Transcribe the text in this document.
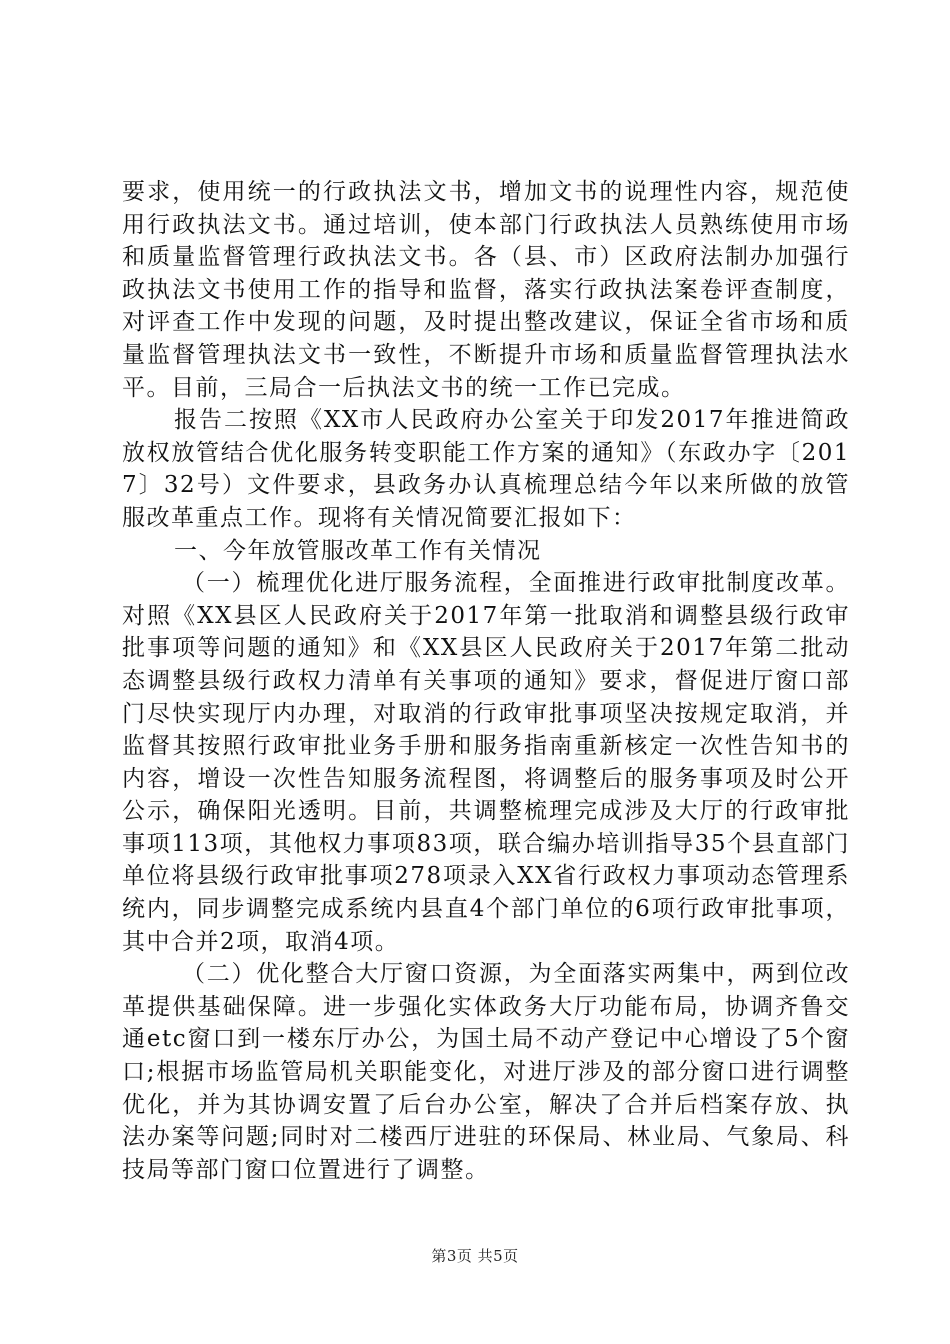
要求，使用统一的行政执法文书，增加文书的说理性内容，规范使用行政执法文书。通过培训，使本部门行政执法人员熟练使用市场和质量监督管理行政执法文书。各（县、市）区政府法制办加强行政执法文书使用工作的指导和监督，落实行政执法案卷评查制度，对评查工作中发现的问题，及时提出整改建议，保证全省市场和质量监督管理执法文书一致性，不断提升市场和质量监督管理执法水平。目前，三局合一后执法文书的统一工作已完成。

报告二按照《XX市人民政府办公室关于印发2017年推进简政放权放管结合优化服务转变职能工作方案的通知》（东政办字〔2017〕32号）文件要求，县政务办认真梳理总结今年以来所做的放管服改革重点工作。现将有关情况简要汇报如下：

一、今年放管服改革工作有关情况

（一）梳理优化进厅服务流程，全面推进行政审批制度改革。对照《XX县区人民政府关于2017年第一批取消和调整县级行政审批事项等问题的通知》和《XX县区人民政府关于2017年第二批动态调整县级行政权力清单有关事项的通知》要求，督促进厅窗口部门尽快实现厅内办理，对取消的行政审批事项坚决按规定取消，并监督其按照行政审批业务手册和服务指南重新核定一次性告知书的内容，增设一次性告知服务流程图，将调整后的服务事项及时公开公示，确保阳光透明。目前，共调整梳理完成涉及大厅的行政审批事项113项，其他权力事项83项，联合编办培训指导35个县直部门单位将县级行政审批事项278项录入XX省行政权力事项动态管理系统内，同步调整完成系统内县直4个部门单位的6项行政审批事项，其中合并2项，取消4项。

（二）优化整合大厅窗口资源，为全面落实两集中，两到位改革提供基础保障。进一步强化实体政务大厅功能布局，协调齐鲁交通etc窗口到一楼东厅办公，为国土局不动产登记中心增设了5个窗口;根据市场监管局机关职能变化，对进厅涉及的部分窗口进行调整优化，并为其协调安置了后台办公室，解决了合并后档案存放、执法办案等问题;同时对二楼西厅进驻的环保局、林业局、气象局、科技局等部门窗口位置进行了调整。

第3页 共5页
